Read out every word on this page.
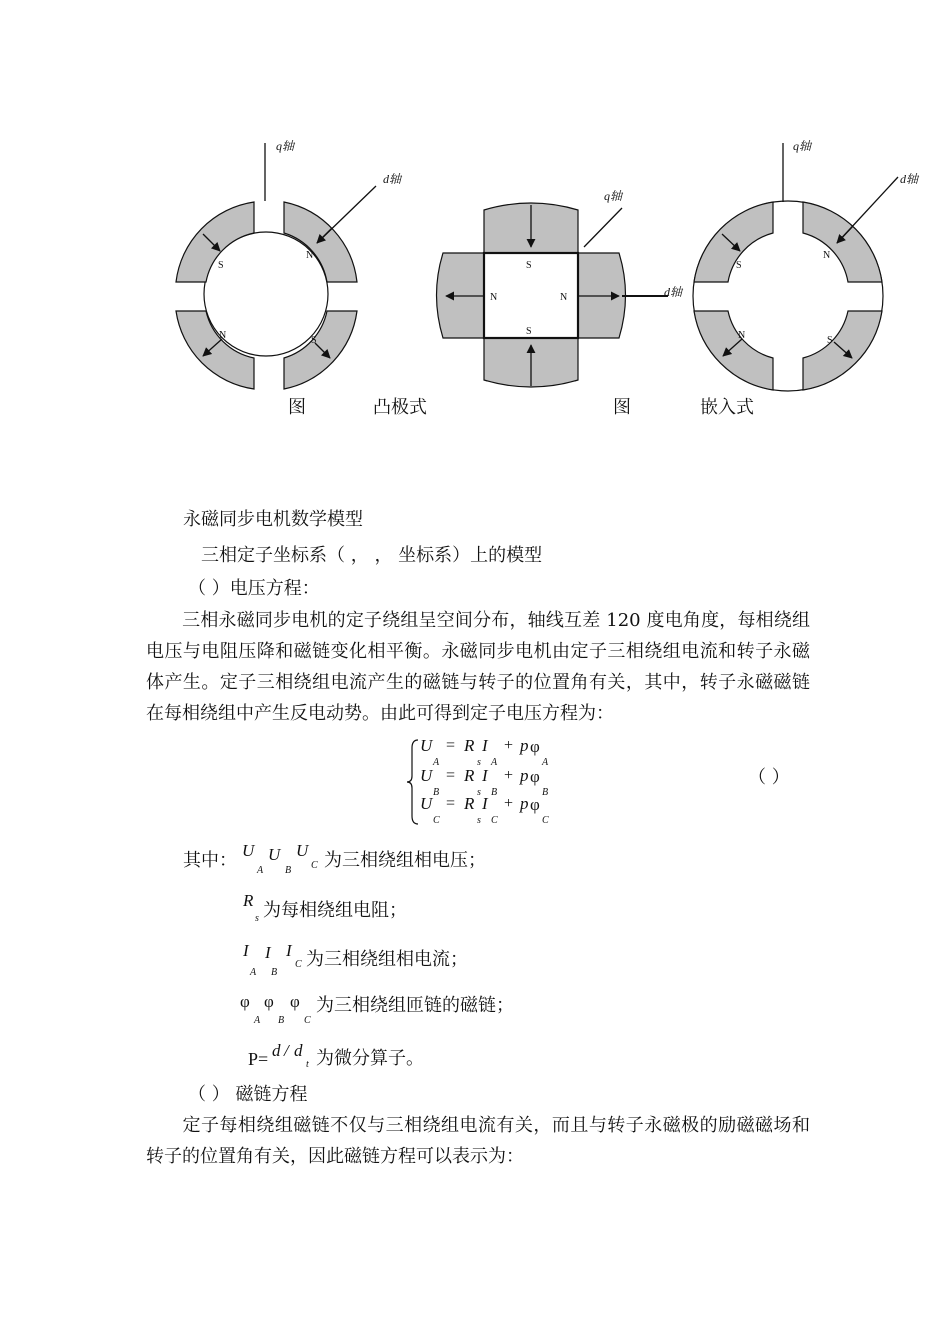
S
N
N	S
S
S
N	N
S
N
N	S
q轴
d轴
q轴
d轴
q轴
d轴
图	凸极式	图	嵌入式
永磁同步电机数学模型
三相定子坐标系（ ， ， 坐标系）上的模型
（ ）电压方程：
三相永磁同步电机的定子绕组呈空间分布，轴线互差 120 度电角度，每相绕组电压与电阻压降和磁链变化相平衡。永磁同步电机由定子三相绕组电流和转子永磁体产生。定子三相绕组电流产生的磁链与转子的位置角有关，其中，转子永磁磁链在每相绕组中产生反电动势。由此可得到定子电压方程为：
U
A
= R
s
I
A
+ p φ
A
U
B
= R
s
I
B
+ p φ
B
U
C
= R
s
I
C
+ p φ
C
（ ）
其中： U
A
U
B
U
C 为三相绕组相电压；
R
s 为每相绕组电阻；
I
A
I
B
I
C 为三相绕组相电流；
φ
A
φ
B
φ
C
为三相绕组匝链的磁链；
P= d / d
t 为微分算子。
（ ） 磁链方程
定子每相绕组磁链不仅与三相绕组电流有关，而且与转子永磁极的励磁磁场和转子的位置角有关，因此磁链方程可以表示为：
